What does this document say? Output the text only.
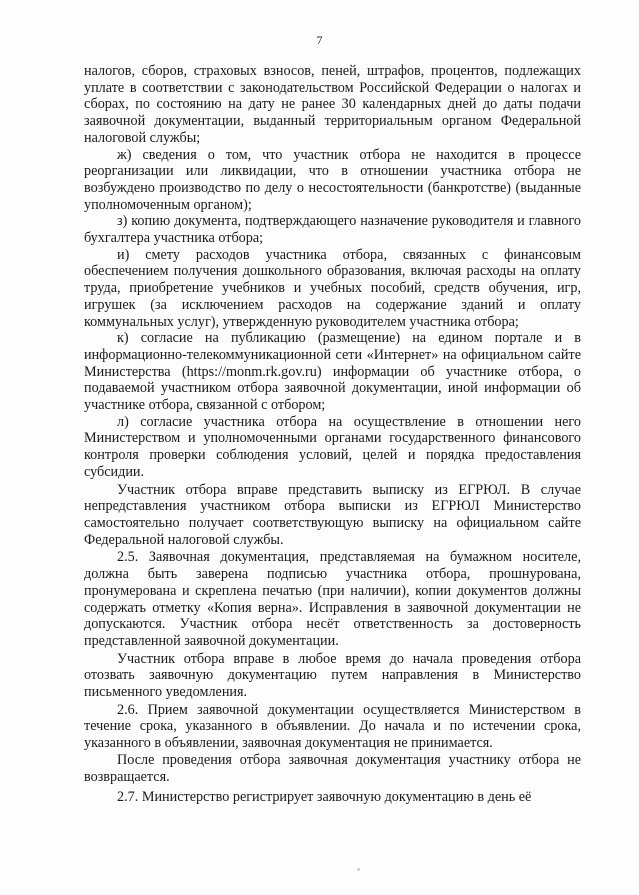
7

налогов, сборов, страховых взносов, пеней, штрафов, процентов, подлежащих уплате в соответствии с законодательством Российской Федерации о налогах и сборах, по состоянию на дату не ранее 30 календарных дней до даты подачи заявочной документации, выданный территориальным органом Федеральной налоговой службы;

ж) сведения о том, что участник отбора не находится в процессе реорганизации или ликвидации, что в отношении участника отбора не возбуждено производство по делу о несостоятельности (банкротстве) (выданные уполномоченным органом);

з) копию документа, подтверждающего назначение руководителя и главного бухгалтера участника отбора;

и) смету расходов участника отбора, связанных с финансовым обеспечением получения дошкольного образования, включая расходы на оплату труда, приобретение учебников и учебных пособий, средств обучения, игр, игрушек (за исключением расходов на содержание зданий и оплату коммунальных услуг), утвержденную руководителем участника отбора;

к) согласие на публикацию (размещение) на едином портале и в информационно-телекоммуникационной сети «Интернет» на официальном сайте Министерства (https://monm.rk.gov.ru) информации об участнике отбора, о подаваемой участником отбора заявочной документации, иной информации об участнике отбора, связанной с отбором;

л) согласие участника отбора на осуществление в отношении него Министерством и уполномоченными органами государственного финансового контроля проверки соблюдения условий, целей и порядка предоставления субсидии.

Участник отбора вправе представить выписку из ЕГРЮЛ. В случае непредставления участником отбора выписки из ЕГРЮЛ Министерство самостоятельно получает соответствующую выписку на официальном сайте Федеральной налоговой службы.

2.5. Заявочная документация, представляемая на бумажном носителе, должна быть заверена подписью участника отбора, прошнурована, пронумерована и скреплена печатью (при наличии), копии документов должны содержать отметку «Копия верна». Исправления в заявочной документации не допускаются. Участник отбора несёт ответственность за достоверность представленной заявочной документации.

Участник отбора вправе в любое время до начала проведения отбора отозвать заявочную документацию путем направления в Министерство письменного уведомления.

2.6. Прием заявочной документации осуществляется Министерством в течение срока, указанного в объявлении. До начала и по истечении срока, указанного в объявлении, заявочная документация не принимается.

После проведения отбора заявочная документация участнику отбора не возвращается.

2.7. Министерство регистрирует заявочную документацию в день её
